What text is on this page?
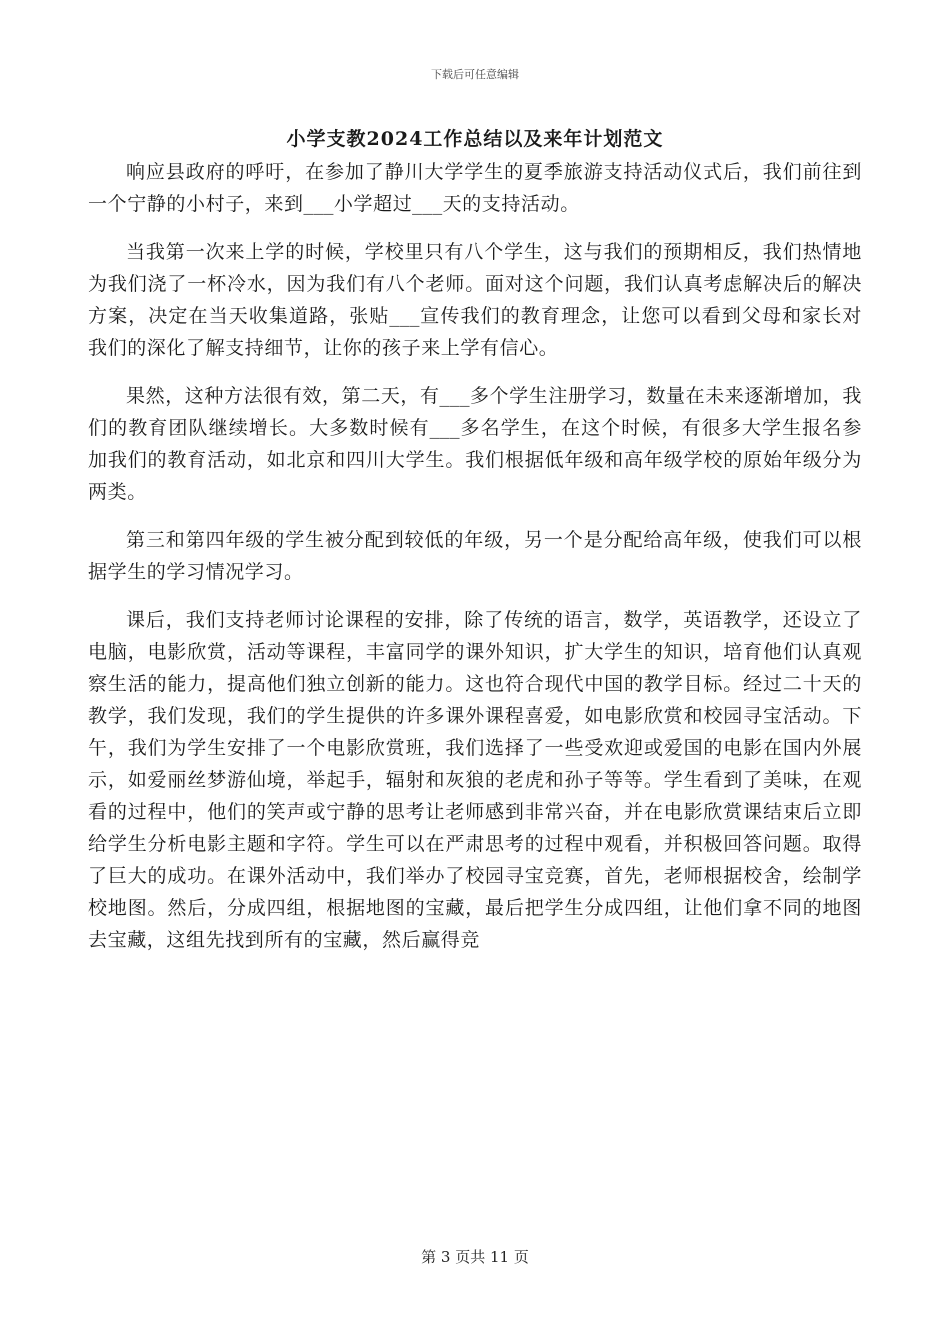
下载后可任意编辑
小学支教2024工作总结以及来年计划范文

响应县政府的呼吁，在参加了静川大学学生的夏季旅游支持活动仪式后，我们前往到一个宁静的小村子，来到___小学超过___天的支持活动。

当我第一次来上学的时候，学校里只有八个学生，这与我们的预期相反，我们热情地为我们浇了一杯冷水，因为我们有八个老师。面对这个问题，我们认真考虑解决后的解决方案，决定在当天收集道路，张贴___宣传我们的教育理念，让您可以看到父母和家长对我们的深化了解支持细节，让你的孩子来上学有信心。

果然，这种方法很有效，第二天，有___多个学生注册学习，数量在未来逐渐增加，我们的教育团队继续增长。大多数时候有___多名学生，在这个时候，有很多大学生报名参加我们的教育活动，如北京和四川大学生。我们根据低年级和高年级学校的原始年级分为两类。

第三和第四年级的学生被分配到较低的年级，另一个是分配给高年级，使我们可以根据学生的学习情况学习。

课后，我们支持老师讨论课程的安排，除了传统的语言，数学，英语教学，还设立了电脑，电影欣赏，活动等课程，丰富同学的课外知识，扩大学生的知识，培育他们认真观察生活的能力，提高他们独立创新的能力。这也符合现代中国的教学目标。经过二十天的教学，我们发现，我们的学生提供的许多课外课程喜爱，如电影欣赏和校园寻宝活动。下午，我们为学生安排了一个电影欣赏班，我们选择了一些受欢迎或爱国的电影在国内外展示，如爱丽丝梦游仙境，举起手，辐射和灰狼的老虎和孙子等等。学生看到了美味，在观看的过程中，他们的笑声或宁静的思考让老师感到非常兴奋，并在电影欣赏课结束后立即给学生分析电影主题和字符。学生可以在严肃思考的过程中观看，并积极回答问题。取得了巨大的成功。在课外活动中，我们举办了校园寻宝竞赛，首先，老师根据校舍，绘制学校地图。然后，分成四组，根据地图的宝藏，最后把学生分成四组，让他们拿不同的地图去宝藏，这组先找到所有的宝藏，然后赢得竞

第 3 页共 11 页
